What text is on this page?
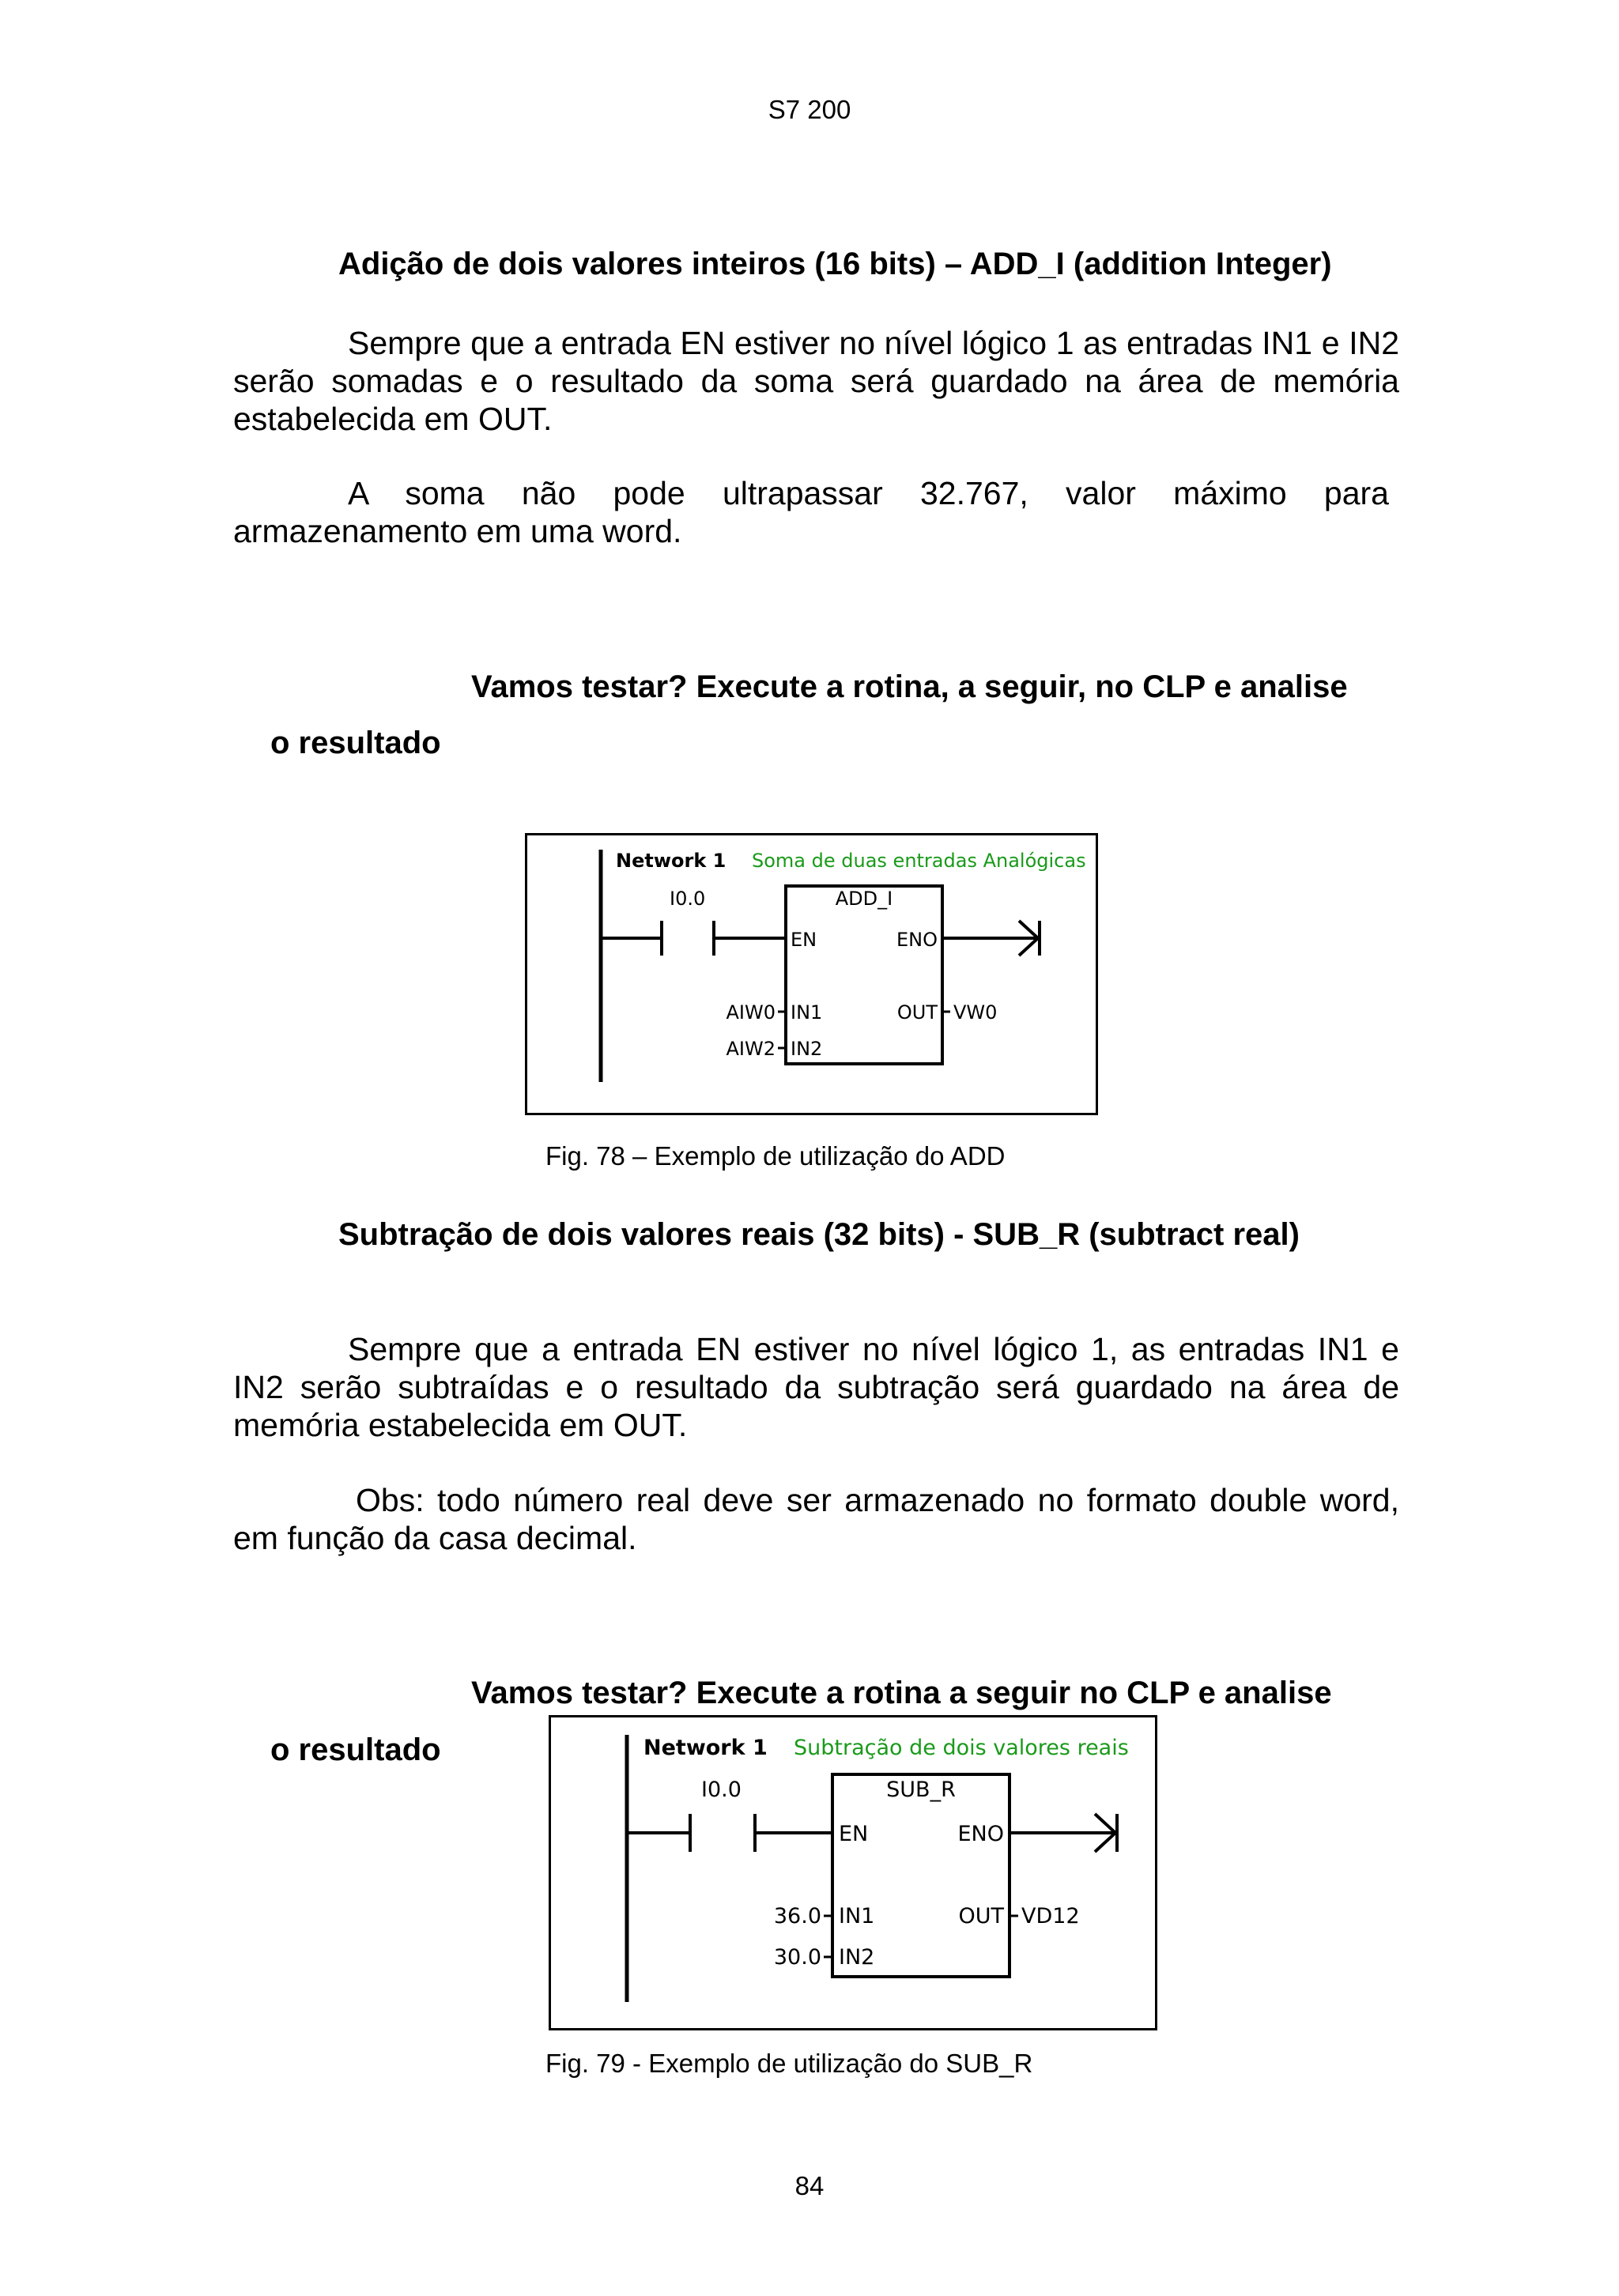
S7 200
Adição de dois valores inteiros (16 bits) – ADD_I (addition Integer)
Sempre que a entrada EN estiver no nível lógico 1 as entradas IN1 e IN2 serão somadas e o resultado da soma será guardado na área de memória estabelecida em OUT.
A soma não pode ultrapassar 32.767, valor máximo para armazenamento em uma word.
Vamos testar? Execute a rotina, a seguir, no CLP e analise
o resultado
Network 1 Soma de duas entradas Analógicas
I0.0	ADD_I
EN	ENO
IN1
IN2
OUT
AIW0
AIW2
VW0
Fig. 78 – Exemplo de utilização do ADD
Subtração de dois valores reais (32 bits) - SUB_R (subtract real)
Sempre que a entrada EN estiver no nível lógico 1, as entradas IN1 e IN2 serão subtraídas e o resultado da subtração será guardado na área de memória estabelecida em OUT.
Obs: todo número real deve ser armazenado no formato double word, em função da casa decimal.
Vamos testar? Execute a rotina a seguir no CLP e analise
o resultado	Network 1 Subtração de dois valores reais
I0.0	SUB_R
EN	ENO
IN1
IN2
OUT
36.0
30.0
VD12
Fig. 79 - Exemplo de utilização do SUB_R
84
